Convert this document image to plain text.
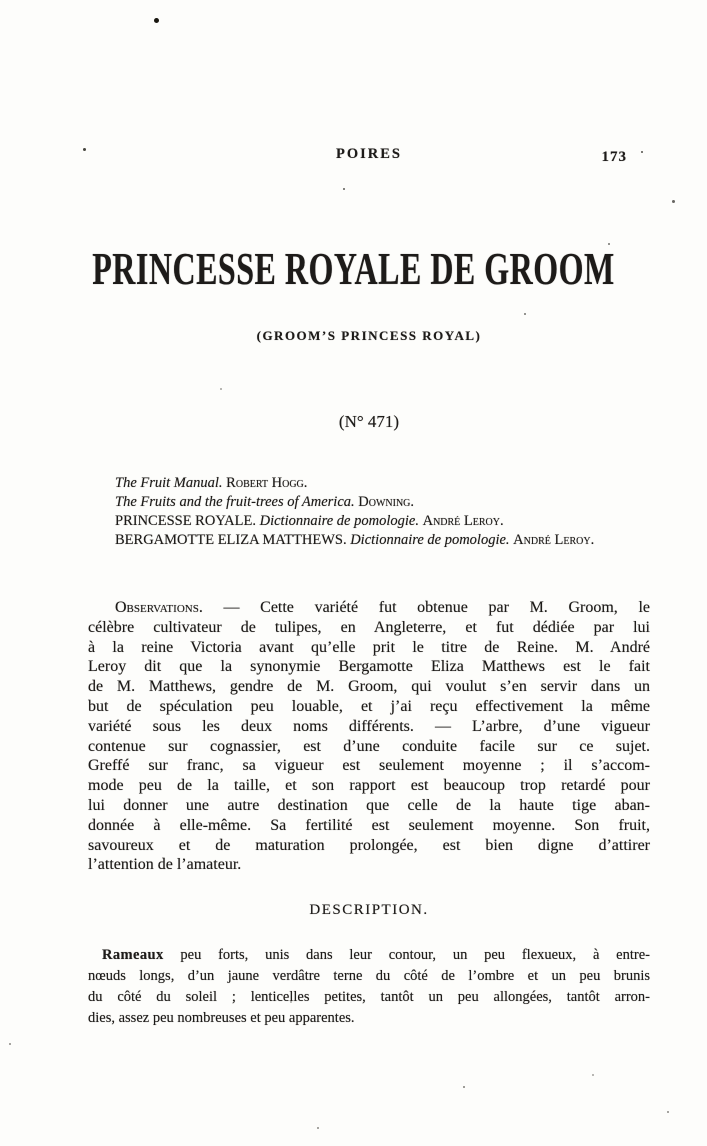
POIRES	173
PRINCESSE ROYALE DE GROOM
(GROOM’S PRINCESS ROYAL)
(N° 471)
The Fruit Manual. Robert Hogg.
The Fruits and the fruit-trees of America. Downing.
PRINCESSE ROYALE. Dictionnaire de pomologie. André Leroy.
BERGAMOTTE ELIZA MATTHEWS. Dictionnaire de pomologie. André Leroy.
Observations. — Cette variété fut obtenue par M. Groom, le
célèbre cultivateur de tulipes, en Angleterre, et fut dédiée par lui
à la reine Victoria avant qu’elle prit le titre de Reine. M. André
Leroy dit que la synonymie Bergamotte Eliza Matthews est le fait
de M. Matthews, gendre de M. Groom, qui voulut s’en servir dans un
but de spéculation peu louable, et j’ai reçu effectivement la même
variété sous les deux noms différents. — L’arbre, d’une vigueur
contenue sur cognassier, est d’une conduite facile sur ce sujet.
Greffé sur franc, sa vigueur est seulement moyenne ; il s’accom-
mode peu de la taille, et son rapport est beaucoup trop retardé pour
lui donner une autre destination que celle de la haute tige aban-
donnée à elle-même. Sa fertilité est seulement moyenne. Son fruit,
savoureux et de maturation prolongée, est bien digne d’attirer
l’attention de l’amateur.
DESCRIPTION.
Rameaux peu forts, unis dans leur contour, un peu flexueux, à entre-
nœuds longs, d’un jaune verdâtre terne du côté de l’ombre et un peu brunis
du côté du soleil ; lenticelles petites, tantôt un peu allongées, tantôt arron-
dies, assez peu nombreuses et peu apparentes.
